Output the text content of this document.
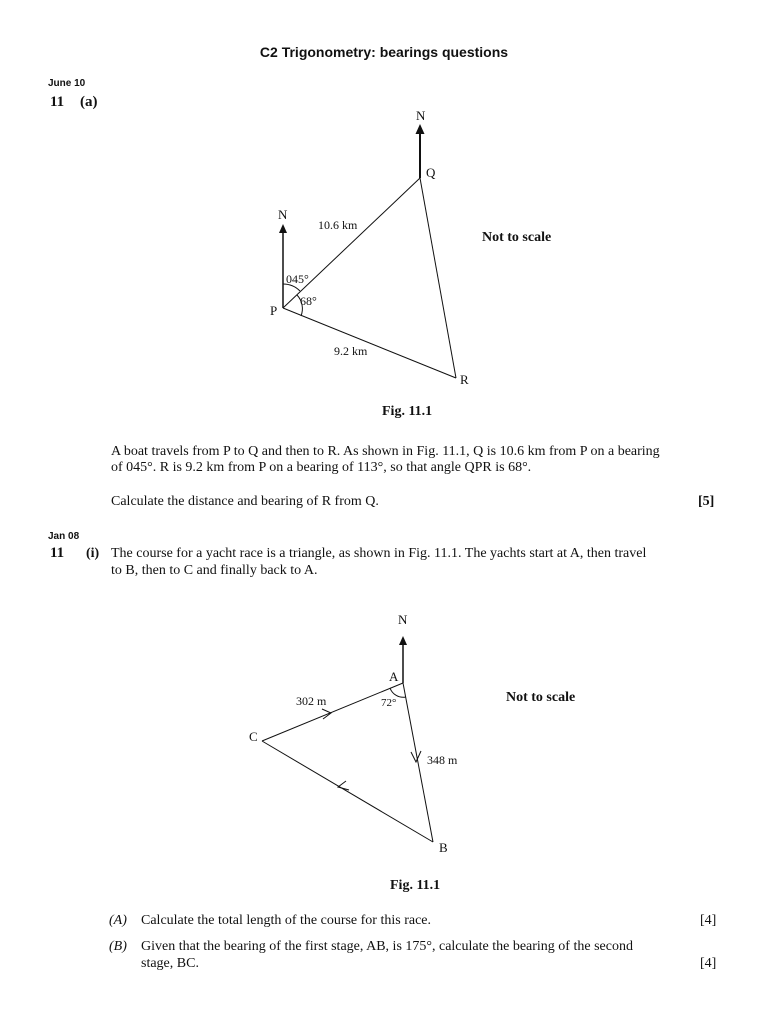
C2 Trigonometry: bearings questions
June 10
11 (a)
N
N
Q
P
R
10.6 km
9.2 km
045°
68°
Not to scale
Fig. 11.1
A boat travels from P to Q and then to R. As shown in Fig. 11.1, Q is 10.6 km from P on a bearing
of 045°. R is 9.2 km from P on a bearing of 113°, so that angle QPR is 68°.
Calculate the distance and bearing of R from Q.	[5]
Jan 08
11 (i) The course for a yacht race is a triangle, as shown in Fig. 11.1. The yachts start at A, then travel
to B, then to C and finally back to A.
N
A
B
C
302 m
348 m
72°	Not to scale
Fig. 11.1
(A) Calculate the total length of the course for this race.	[4]
(B) Given that the bearing of the first stage, AB, is 175°, calculate the bearing of the second
stage, BC.	[4]
